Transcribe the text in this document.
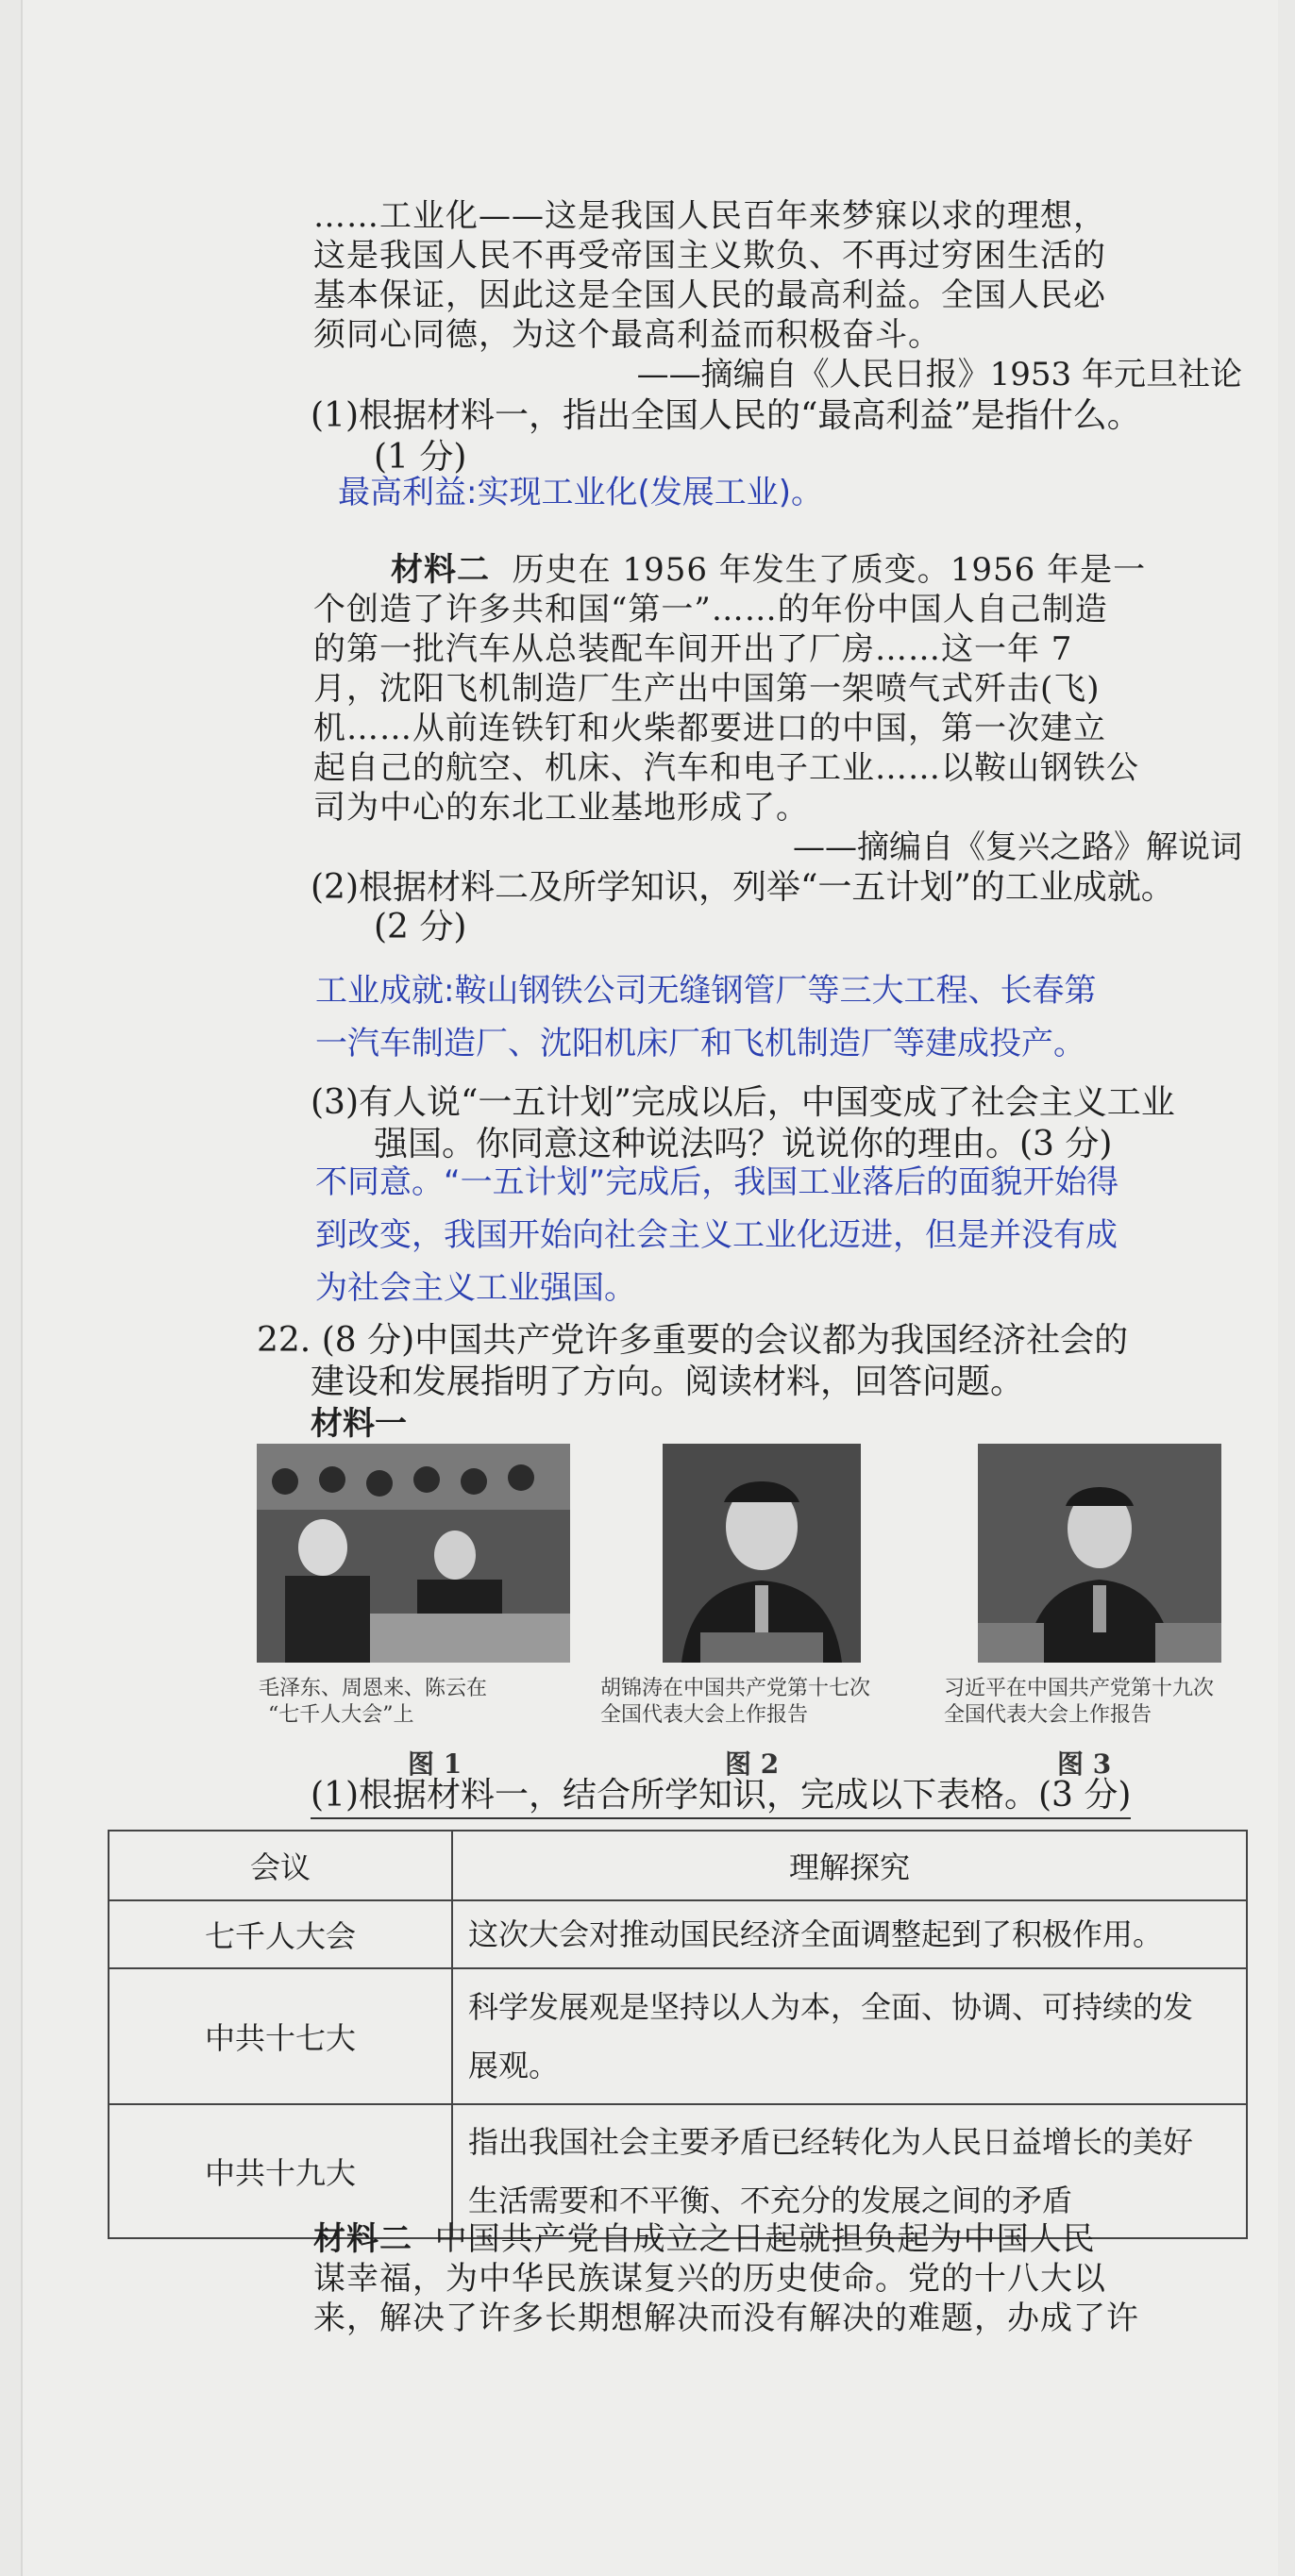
……工业化——这是我国人民百年来梦寐以求的理想，
这是我国人民不再受帝国主义欺负、不再过穷困生活的
基本保证，因此这是全国人民的最高利益。全国人民必
须同心同德，为这个最高利益而积极奋斗。
——摘编自《人民日报》1953 年元旦社论
(1)根据材料一，指出全国人民的“最高利益”是指什么。
(1 分)
最高利益:实现工业化(发展工业)。
材料二 历史在 1956 年发生了质变。1956 年是一
个创造了许多共和国“第一”……的年份中国人自己制造
的第一批汽车从总装配车间开出了厂房……这一年 7
月，沈阳飞机制造厂生产出中国第一架喷气式歼击(飞)
机……从前连铁钉和火柴都要进口的中国，第一次建立
起自己的航空、机床、汽车和电子工业……以鞍山钢铁公
司为中心的东北工业基地形成了。
——摘编自《复兴之路》解说词
(2)根据材料二及所学知识，列举“一五计划”的工业成就。
(2 分)
工业成就:鞍山钢铁公司无缝钢管厂等三大工程、长春第
一汽车制造厂、沈阳机床厂和飞机制造厂等建成投产。
(3)有人说“一五计划”完成以后，中国变成了社会主义工业
强国。你同意这种说法吗？说说你的理由。(3 分)
不同意。“一五计划”完成后，我国工业落后的面貌开始得
到改变，我国开始向社会主义工业化迈进，但是并没有成
为社会主义工业强国。
22. (8 分)中国共产党许多重要的会议都为我国经济社会的
建设和发展指明了方向。阅读材料，回答问题。
材料一
毛泽东、周恩来、陈云在
“七千人大会”上
胡锦涛在中国共产党第十七次
全国代表大会上作报告
习近平在中国共产党第十九次
全国代表大会上作报告
图 1	图 2	图 3
(1)根据材料一，结合所学知识，完成以下表格。(3 分)
会议	理解探究
七千人大会	这次大会对推动国民经济全面调整起到了积极作用。
中共十七大	科学发展观是坚持以人为本，全面、协调、可持续的发
展观。

中共十九大	指出我国社会主要矛盾已经转化为人民日益增长的美好
生活需要和不平衡、不充分的发展之间的矛盾
材料二 中国共产党自成立之日起就担负起为中国人民
谋幸福，为中华民族谋复兴的历史使命。党的十八大以
来，解决了许多长期想解决而没有解决的难题，办成了许
